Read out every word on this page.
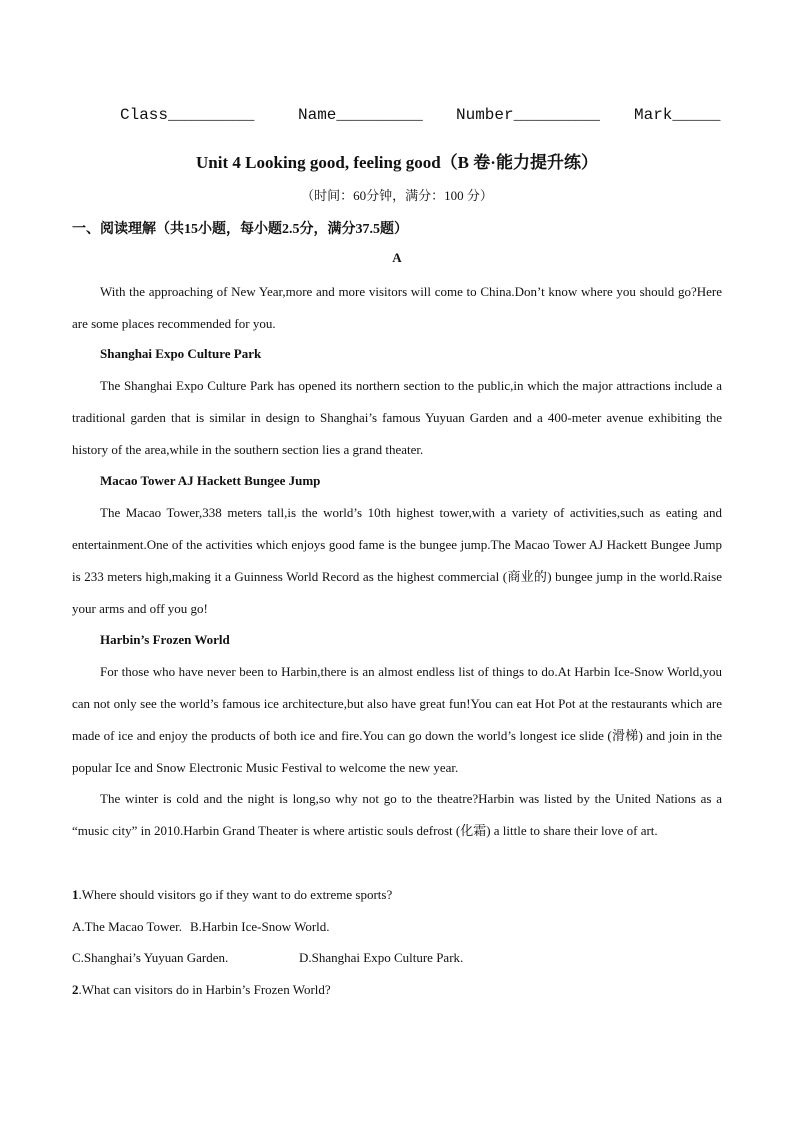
Class_________

	Name_________

Number_________

Mark_____

Unit 4 Looking good, feeling good（B 卷·能力提升练）
（时间：60分钟，满分：100 分）
一、阅读理解（共15小题，每小题2.5分，满分37.5题）
A
With the approaching of New Year,more and more visitors will come to China.Don’t know where you should go?Here are some places recommended for you.
Shanghai Expo Culture Park
The Shanghai Expo Culture Park has opened its northern section to the public,in which the major attractions include a traditional garden that is similar in design to Shanghai’s famous Yuyuan Garden and a 400-meter avenue exhibiting the history of the area,while in the southern section lies a grand theater.
Macao Tower AJ Hackett Bungee Jump
The Macao Tower,338 meters tall,is the world’s 10th highest tower,with a variety of activities,such as eating and entertainment.One of the activities which enjoys good fame is the bungee jump.The Macao Tower AJ Hackett Bungee Jump is 233 meters high,making it a Guinness World Record as the highest commercial (商业的) bungee jump in the world.Raise your arms and off you go!
Harbin’s Frozen World
For those who have never been to Harbin,there is an almost endless list of things to do.At Harbin Ice-Snow World,you can not only see the world’s famous ice architecture,but also have great fun!You can eat Hot Pot at the restaurants which are made of ice and enjoy the products of both ice and fire.You can go down the world’s longest ice slide (滑梯) and join in the popular Ice and Snow Electronic Music Festival to welcome the new year.
The winter is cold and the night is long,so why not go to the theatre?Harbin was listed by the United Nations as a “music city” in 2010.Harbin Grand Theater is where artistic souls defrost (化霜) a little to share their love of art.
1.Where should visitors go if they want to do extreme sports?
A.The Macao Tower. B.Harbin Ice-Snow World.
C.Shanghai’s Yuyuan Garden.	D.Shanghai Expo Culture Park.
2.What can visitors do in Harbin’s Frozen World?
